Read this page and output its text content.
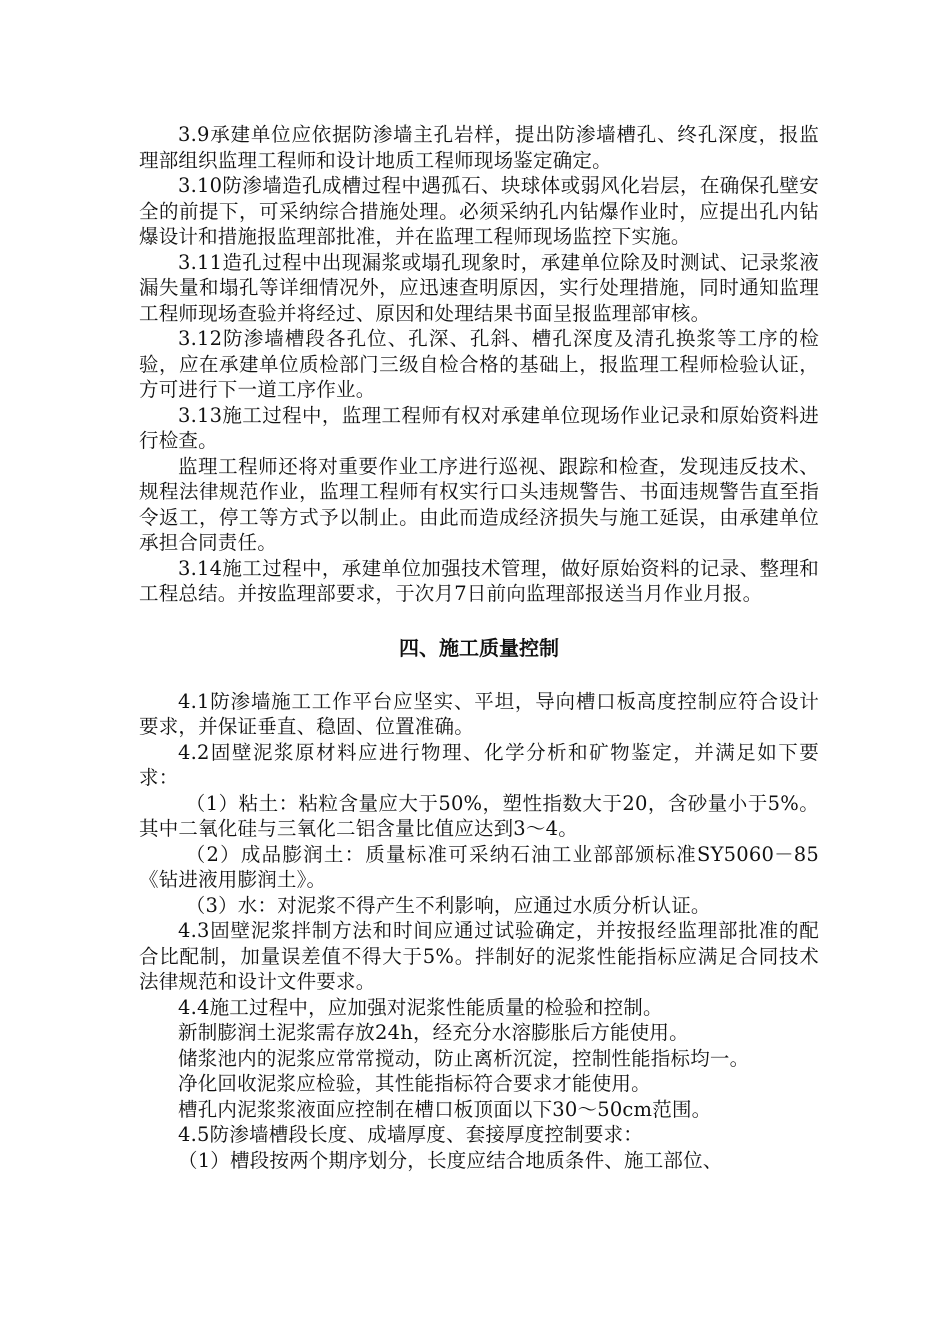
3.9承建单位应依据防渗墙主孔岩样，提出防渗墙槽孔、终孔深度，报监理部组织监理工程师和设计地质工程师现场鉴定确定。

3.10防渗墙造孔成槽过程中遇孤石、块球体或弱风化岩层，在确保孔壁安全的前提下，可采纳综合措施处理。必须采纳孔内钻爆作业时，应提出孔内钻爆设计和措施报监理部批准，并在监理工程师现场监控下实施。

3.11造孔过程中出现漏浆或塌孔现象时，承建单位除及时测试、记录浆液漏失量和塌孔等详细情况外，应迅速查明原因，实行处理措施，同时通知监理工程师现场查验并将经过、原因和处理结果书面呈报监理部审核。

3.12防渗墙槽段各孔位、孔深、孔斜、槽孔深度及清孔换浆等工序的检验，应在承建单位质检部门三级自检合格的基础上，报监理工程师检验认证，方可进行下一道工序作业。

3.13施工过程中，监理工程师有权对承建单位现场作业记录和原始资料进行检查。

监理工程师还将对重要作业工序进行巡视、跟踪和检查，发现违反技术、规程法律规范作业，监理工程师有权实行口头违规警告、书面违规警告直至指令返工，停工等方式予以制止。由此而造成经济损失与施工延误，由承建单位承担合同责任。

3.14施工过程中，承建单位加强技术管理，做好原始资料的记录、整理和工程总结。并按监理部要求，于次月7日前向监理部报送当月作业月报。

四、施工质量控制

4.1防渗墙施工工作平台应坚实、平坦，导向槽口板高度控制应符合设计要求，并保证垂直、稳固、位置准确。

4.2固壁泥浆原材料应进行物理、化学分析和矿物鉴定，并满足如下要求：

（1）粘土：粘粒含量应大于50%，塑性指数大于20，含砂量小于5%。其中二氧化硅与三氧化二铝含量比值应达到3～4。

（2）成品膨润土：质量标准可采纳石油工业部部颁标准SY5060－85《钻进液用膨润土》。

（3）水：对泥浆不得产生不利影响，应通过水质分析认证。

4.3固壁泥浆拌制方法和时间应通过试验确定，并按报经监理部批准的配合比配制，加量误差值不得大于5%。拌制好的泥浆性能指标应满足合同技术法律规范和设计文件要求。

4.4施工过程中，应加强对泥浆性能质量的检验和控制。

新制膨润土泥浆需存放24h，经充分水溶膨胀后方能使用。

储浆池内的泥浆应常常搅动，防止离析沉淀，控制性能指标均一。

净化回收泥浆应检验，其性能指标符合要求才能使用。

槽孔内泥浆浆液面应控制在槽口板顶面以下30～50cm范围。

4.5防渗墙槽段长度、成墙厚度、套接厚度控制要求：

（1）槽段按两个期序划分，长度应结合地质条件、施工部位、
